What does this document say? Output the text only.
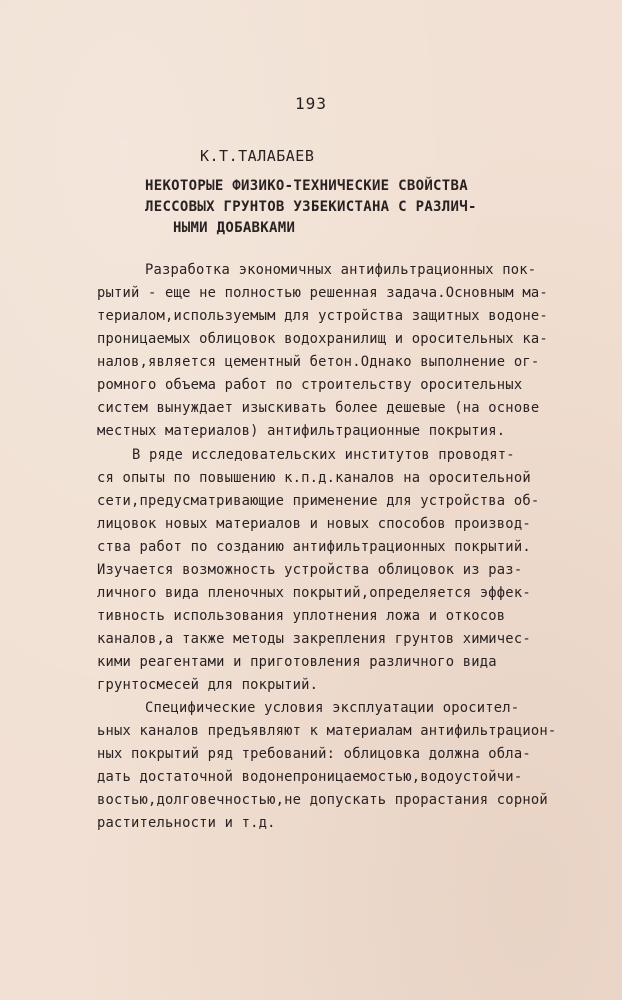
193
К.Т.ТАЛАБАЕВ
НЕКОТОРЫЕ ФИЗИКО-ТЕХНИЧЕСКИЕ СВОЙСТВА
ЛЕССОВЫХ ГРУНТОВ УЗБЕКИСТАНА С РАЗЛИЧ-
НЫМИ ДОБАВКАМИ
Разработка экономичных антифильтрационных пок-
рытий - еще не полностью решенная задача.Основным ма-
териалом,используемым для устройства защитных водоне-
проницаемых облицовок водохранилищ и оросительных ка-
налов,является цементный бетон.Однако выполнение ог-
ромного объема работ по строительству оросительных
систем вынуждает изыскивать более дешевые (на основе
местных материалов) антифильтрационные покрытия.
В ряде исследовательских институтов проводят-
ся опыты по повышению к.п.д.каналов на оросительной
сети,предусматривающие применение для устройства об-
лицовок новых материалов и новых способов производ-
ства работ по созданию антифильтрационных покрытий.
Изучается возможность устройства облицовок из раз-
личного вида пленочных покрытий,определяется эффек-
тивность использования уплотнения ложа и откосов
каналов,а также методы закрепления грунтов химичес-
кими реагентами и приготовления различного вида
грунтосмесей для покрытий.
Специфические условия эксплуатации оросител-
ьных каналов предъявляют к материалам антифильтрацион-
ных покрытий ряд требований: облицовка должна обла-
дать достаточной водонепроницаемостью,водоустойчи-
востью,долговечностью,не допускать прорастания сорной
растительности и т.д.
